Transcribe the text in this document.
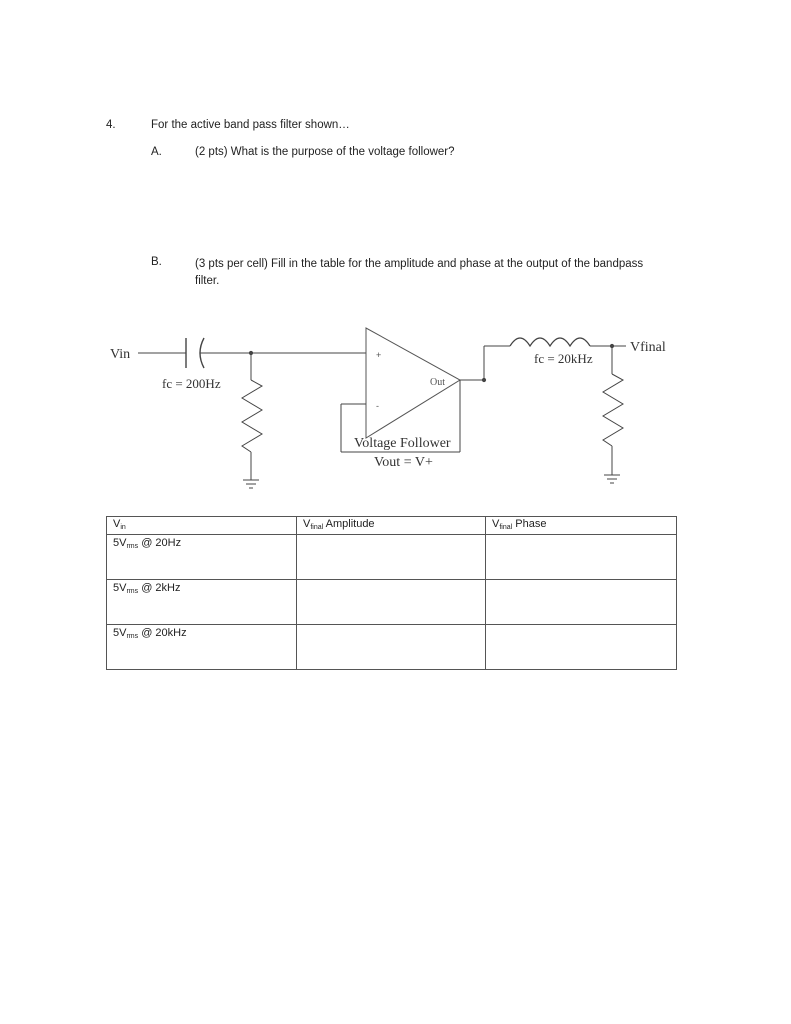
4.	For the active band pass filter shown…
A.	(2 pts) What is the purpose of the voltage follower?
B.	(3 pts per cell) Fill in the table for the amplitude and phase at the output of the bandpass filter.
Vin
fc = 200Hz
+
-
Out
Voltage Follower
Vout = V+
fc = 20kHz
Vfinal
$V_{in}$	$V_{final}$ Amplitude	$V_{final}$ Phase
$5V_{rms}$ @ 20Hz		
$5V_{rms}$ @ 2kHz		
$5V_{rms}$ @ 20kHz		
